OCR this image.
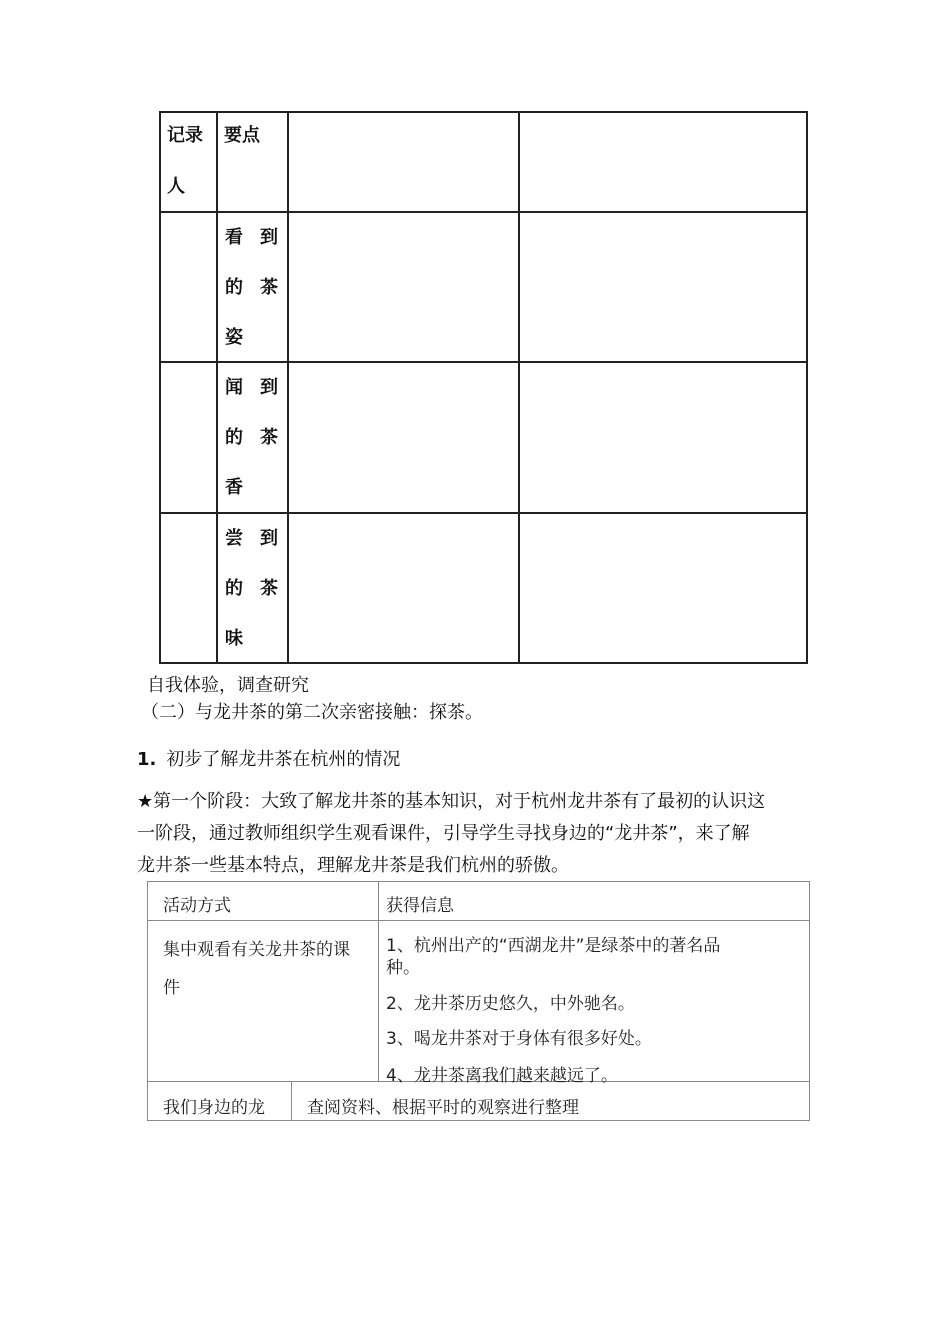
记录
人
要点
看 到
的 茶
姿
闻 到
的 茶
香
尝 到
的 茶
味
自我体验，调查研究
（二）与龙井茶的第二次亲密接触：探茶。
1. 初步了解龙井茶在杭州的情况
★第一个阶段：大致了解龙井茶的基本知识，对于杭州龙井茶有了最初的认识这
一阶段，通过教师组织学生观看课件，引导学生寻找身边的“龙井茶”，来了解
龙井茶一些基本特点，理解龙井茶是我们杭州的骄傲。
活动方式	获得信息
集中观看有关龙井茶的课
件
1、杭州出产的“西湖龙井”是绿茶中的著名品
种。
2、龙井茶历史悠久，中外驰名。
3、喝龙井茶对于身体有很多好处。
4、龙井茶离我们越来越远了。
我们身边的龙 查阅资料、根据平时的观察进行整理
